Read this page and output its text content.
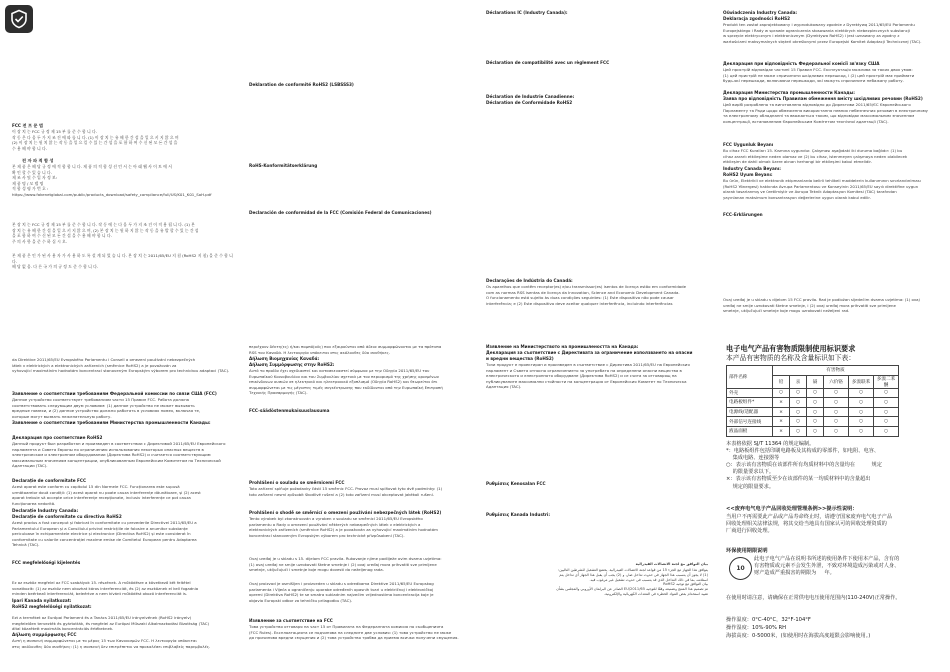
FCC 전 프 문 법

이 장 치 는 FCC 규 정 제 15 부 를 준 수 합 니 다.
작 동 은 다 음 두 가 지 조 건 에 따 릅 니 다. (1) 이 장 치 는 유 해 한 간 섭 을 일 으 키 지 않 으 며
(2) 이 장 치 는 원 치 않 는 작 동 을 일 으 킬 수 있 는 간 섭 을 포 함 하 여 수 신 된 모 든 간 섭 을
수 용 해 야 합 니 다.

전 자 파 적 합 성

본 제 품 은 해 당 규 정 에 적 합 합 니 다. 제 품 의 적 합 성 선 언 서 는 아 래 웹 사 이 트 에 서
확 인 할 수 있 습 니 다.
제 조 사 및 수 입 자 정 보:
제 품 명 / 모 델 명
적 합 성 평 가 번 호 :
https://www.fakenetglobal.com/public/products_download/safety_compliance/full/US/K01_K01_SoH.pdf

본 장 치 는 FCC 규 정 제 15 부 를 준 수 합 니 다. 작 동 에 는 다 음 두 가 지 조 건 이 적 용 됩 니 다. (1) 본
장 치 는 유 해 한 간 섭 을 일 으 키 지 않 으 며, (2) 본 장 치 는 원 하 지 않 는 작 동 을 유 발 할 수 있 는 간 섭
을 포 함 하 여 수 신 된 모 든 간 섭 을 수 용 해 야 합 니 다.
주 의 사 항 을 준 수 하 십 시 오.

본 제 품 은 인 가 된 사 용 자 가 사 용 하 도 록 설 계 되 었 습 니 다. 본 장 치 는 2011/65/EU 지 침 (RoHS2 지 침) 을 준 수 합 니 다.
해 당 없 음. 다 른 국 가 의 규 정 도 준 수 합 니 다.

Deklaration de conformité RoHS2 (LSBSSS3)

RoHS-Konformitätserklärung

Declaración de conformidad de la FCC (Comisión Federal de Comunicaciones)

Déclarations IC (Industry Canada):

Déclaration de compatibilité avec un règlement FCC

Déclaration de Industrie Canadienne:
Déclaration de Conformidade RoHS2

Declarações de Indústria do Canadá:

Os aparelhos que contêm receptor(es) e/ou transmissor(es) isentos de licença estão em conformidade
com as normas RSS isentas de licença da Innovation, Science and Economic Development Canada.
O funcionamento está sujeito às duas condições seguintes: (1) Este dispositivo não pode causar
interferência; e (2) Este dispositivo deve aceitar qualquer interferência, incluindo interferências

Oświadczenia Industry Canada:

Deklaracja zgodności RoHS2

Produkt ten został zaprojektowany i wyprodukowany zgodnie z Dyrektywą 2011/65/EU Parlamentu
Europejskiego i Rady w sprawie ograniczenia stosowania niektórych niebezpiecznych substancji
w sprzęcie elektrycznym i elektronicznym (Dyrektywa RoHS2) i jest uznawany za zgodny z
wartościami maksymalnych stężeń określonymi przez Europejski Komitet Adaptacji Technicznej (TAC).

Декларация при відповідність Федеральної комісії зв'язку США

Цей пристрій відповідає частині 15 Правил FCC. Експлуатація можлива за таких двох умов:
(1) цей пристрій не може спричиняти шкідливих перешкод, і (2) цей пристрій має приймати
будь-які перешкоди, включаючи перешкоди, які можуть спричинити небажану роботу.

Декларация Министерства промышленности Канады:

Заява про відповідність Правилам обмеження вмісту шкідливих речовин (RoHS2)

Цей виріб розроблено та виготовлено відповідно до Директиви 2011/65/ЄС Європейського
Парламенту та Ради щодо обмеження використання певних небезпечних речовин в електричному
та електронному обладнанні та вважається таким, що відповідає максимальним значенням
концентрації, встановленим Європейським Комітетом технічної адаптації (TAC).

FCC Uygunluk Beyanı

Bu cihaz FCC Kuralları 15. Kısmına uygundur. Çalışması aşağıdaki iki duruma bağlıdır: (1) bu
cihaz zararlı etkileşime neden olamaz ve (2) bu cihaz, istenmeyen çalışmaya neden olabilecek
etkileşim de dahil olmak üzere alınan herhangi bir etkileşimi kabul etmelidir.

Industry Canada Beyanı:
RoHS2 Uyum Beyanı:

Bu ürün, Elektrikli ve elektronik ekipmanlarda belirli tehlikeli maddelerin kullanımının sınırlandırılması
(RoHS2 Yönergesi) hakkında Avrupa Parlamentosu ve Konseyinin 2011/65/EU sayılı direktifine uygun
olarak tasarlanmış ve üretilmiştir ve Avrupa Teknik Adaptasyon Komitesi (TAC) tarafından
yayınlanan maksimum konsantrasyon değerlerine uygun olarak kabul edilir.

FCC-Erklärungen

Ovaj uređaj je u skladu s dijelom 15 FCC pravila. Rad je podložan sljedećim dvama uvjetima: (1) ovaj
uređaj ne smije uzrokovati štetne smetnje, i (2) ovaj uređaj mora prihvatiti sve primljene
smetnje, uključujući smetnje koje mogu uzrokovati neželjeni rad.

da Direktive 2011/65/EU Evropského Parlamentu i Consell a omezení používání nebezpečných
látek v elektrických a elektronických zařízeních (směrnice RoHS2) a je považován za
vyhovující maximálním hodnotám koncentrací stanoveným Evropským výborem pro technickou adaptaci (TAC).

Заявление о соответствии требованиям Федеральной комиссии по связи США (FCC)

Данное устройство соответствует требованиям части 15 Правил FCC. Работа должна
соответствовать следующим двум условиям: (1) данное устройство не может вызывать
вредные помехи, и (2) данное устройство должно работать в условиях помех, включая те,
которые могут вызвать нежелательную работу.

Заявление о соответствии требованиям Министерства промышленности Канады:

Декларация про соответствие RoHS2

Данный продукт был разработан и произведен в соответствии с Директивой 2011/65/EU Европейского
парламента и Совета Европы по ограничению использования некоторых опасных веществ в
электрическом и электронном оборудовании (Директива RoHS2) и считается соответствующим
максимальным значениям концентрации, опубликованным Европейским Комитетом по Технической Адаптации (TAC).

Declarație de conformitate FCC

Acest aparat este conform cu capitolul 15 din Normele FCC. Funcționarea este supusă
următoarelor două condiții: (1) acest aparat nu poate cauza interferențe dăunătoare, și (2) acest
aparat trebuie să accepte orice interferențe recepționate, inclusiv interferențe ce pot cauza
funcționarea nedorită.

Declarație Industry Canada:
Declarație de conformitate cu directiva RoHS2

Acest produs a fost conceput și fabricat în conformitate cu prevederile Directivei 2011/65/EU a
Parlamentului European și a Consiliului privind restricțiile de folosire a anumitor substanțe
periculoase în echipamentele electrice și electronice (Directiva RoHS2) și este considerat în
conformitate cu valorile concentrației maxime emise de Comitetul European pentru Adaptarea
Tehnică (TAC).

FCC megfelelőségi kijelentés

Ez az eszköz megfelel az FCC szabályok 15. részének. A működésre a következő két feltétel
vonatkozik: (1) az eszköz nem okozhat káros interferenciát, és (2) az eszköznek el kell fogadnia
minden beérkező interferenciát, beleértve a nem kívánt működést okozó interferenciát is.

Ipari Kanada nyilatkozat:
RoHS2 megfelelőségi nyilatkozat:

Ezt a terméket az Európai Parlament és a Tanács 2011/65/EU irányelvének (RoHS2 irányelv)
megfelelően tervezték és gyártották, és megfelel az Európai Műszaki Alkalmazkodási Bizottság (TAC)
által közzétett maximális koncentrációs értékeknek.

Δήλωση συμμόρφωσης FCC

Αυτή η συσκευή συμμορφώνεται με το μέρος 15 των Κανονισμών FCC. Η λειτουργία υπόκειται
στις ακόλουθες δύο συνθήκες: (1) η συσκευή δεν επιτρέπεται να προκαλέσει επιβλαβείς παρεμβολές.

περιέχουν δέκτη(ες) ή/και πομπό(ούς) που εξαιρούνται από άδεια συμμορφώνονται με τα πρότυπα
RSS του Καναδά. Η λειτουργία υπόκειται στις ακόλουθες δύο συνθήκες.

Δήλωση Βιομηχανίας Καναδά:
Δήλωση Συμμόρφωσης στην RoHS2:

Αυτό το προϊόν έχει σχεδιαστεί και κατασκευαστεί σύμφωνα με την Οδηγία 2011/65/EU του
Ευρωπαϊκού Κοινοβουλίου και του Συμβουλίου σχετικά με τον περιορισμό της χρήσης ορισμένων
επικίνδυνων ουσιών σε ηλεκτρικό και ηλεκτρονικό εξοπλισμό (Οδηγία RoHS2) και θεωρείται ότι
συμμορφώνεται με τις μέγιστες τιμές συγκέντρωσης που εκδίδονται από την Ευρωπαϊκή Επιτροπή
Τεχνικής Προσαρμογής (TAC).

FCC-säädöstenmukaisuuslausuma

Prohlášení o souladu se směrnicemi FCC

Toto zařízení splňuje požadavky části 15 směrnic FCC. Provoz musí splňovat tyto dvě podmínky: (1)
toto zařízení nesmí způsobit škodlivé rušení a (2) toto zařízení musí akceptovat jakékoli rušení.

Prohlášení o shodě se směrnicí o omezení používání nebezpečných látek (RoHS2)

Tento výrobek byl zkonstruován a vyroben v souladu se směrnicí 2011/65/EU Evropského
parlamentu a Rady o omezení používání některých nebezpečných látek v elektrických a
elektronických zařízeních (směrnice RoHS2) a je považován za vyhovující maximálním hodnotám
koncentrací stanoveným Evropským výborem pro technické přizpůsobení (TAC).

Ovaj uređaj je u skladu s 15. dijelom FCC pravila. Rukovanje njime podliježe ovim dvama uvjetima:
(1) ovaj uređaj ne smije uzrokovati štetne smetnje i (2) ovaj uređaj mora prihvatiti sve primljene
smetnje, uključujući i smetnje koje mogu dovesti do neželjenog rada.

Ovaj proizvod je osmišljen i proizveden u skladu s odredbama Direktive 2011/65/EU Europskog
parlamenta i Vijeća o ograničenju uporabe određenih opasnih tvari u električnoj i elektroničkoj
opremi (Direktiva RoHS2) te se smatra sukladnim najvećim vrijednostima koncentracija koje je
objavio Europski odbor za tehničku prilagodbu (TAC).

Изявление за съответствие на FCC

Това устройство отговаря на част 15 от Правилата на Федералната комисия по съобщенията
(FCC Rules). Експлоатацията се подчинява на следните две условия: (1) това устройство не може
да причинява вредни смущения и (2) това устройство трябва да приема всички получени смущения.

Изявление на Министерството на промишлеността на Канада:
Декларация за съответствие с Директивата за ограничение използването на опасни
и вредни вещества (RoHS2)

Този продукт е проектиран и произведен в съответствие с Директива 2011/65/EU на Европейския
парламент и Съвета относно ограничението за употребата на определени опасни вещества в
електрическото и електронното оборудване (Директива RoHS2) и се счита за отговарящ на
публикуваните максимални стойности на концентрация от Европейския Комитет по Техническа
Адаптация (TAC).

Ρυθμίσεις Kenosalan FCC

Ρυθμίσεις Kanada Industri:

بيان التوافق مع لجنة الاتصالات الفيدرالية

يتوافق هذا الجهاز مع الجزء 15 من قواعد لجنة الاتصالات الفيدرالية. يخضع التشغيل للشرطين التاليين:
(1) لا يجوز أن يتسبب هذا الجهاز في حدوث تداخل ضار، و (2) يجب أن يقبل هذا الجهاز أي تداخل يتم
استلامه، بما في ذلك التداخل الذي قد يتسبب في حدوث تشغيل غير مرغوب فيه.
بيان التوافق مع توجيه RoHS2
تم تصميم هذا المنتج وتصنيعه وفقًا للتوجيه 2011/65/EU الصادر عن البرلمان الأوروبي والمجلس بشأن
تقييد استخدام بعض المواد الخطرة في المعدات الكهربائية والإلكترونية.

电子电气产品有害物质限制使用标识要求
本产品有害物质的名称及含量标识如下表：
部件名称	有害物质					
	铅	汞	镉	六价铬	多溴联苯	多溴二苯醚
外壳	○	○	○	○	○	○
电路板组件*	×	○	○	○	○	○
电源线/适配器	×	○	○	○	○	○
外部信号连接线	×	○	○	○	○	○
液晶面板	×	○	○	○	○	○

本表格依据 SJ/T 11364 的规定编制。
*：电路板组件包括印刷电路板及其构成的零部件，如电阻、电容、
集成电路、连接器等
○：表示该有害物质在该部件所有均质材料中的含量均在          规定
的限量要求以下。
×：表示该有害物质至少在该部件的某一均质材料中的含量超出
规定的限量要求。

<<废弃电气电子产品回收处理管理条例>>提示性说明：

当用户不再需要此产品或产品寿命终止时，请遵守国家废弃电气电子产品
回收处理相关法律法规，将其交给当地具有国家认可的回收处理资质的
厂商进行回收处理。

环保使用期限说明

10

此电子电气产品在说明书所述的使用条件下使用本产品，含有的
有害物质或元素不会发生外泄，不致对环境造成污染或对人身、
财产造成严重损害的期限为     年。

在使用时请注意，请确保在正常供电电压使用范围内(110-240V)正常操作。

操作温度：0°C-40°C，32°F-104°F

操作湿度：10%-90% RH

海拔高度：0-5000米，(如使用时在海拔高度超限会影响使用。)
